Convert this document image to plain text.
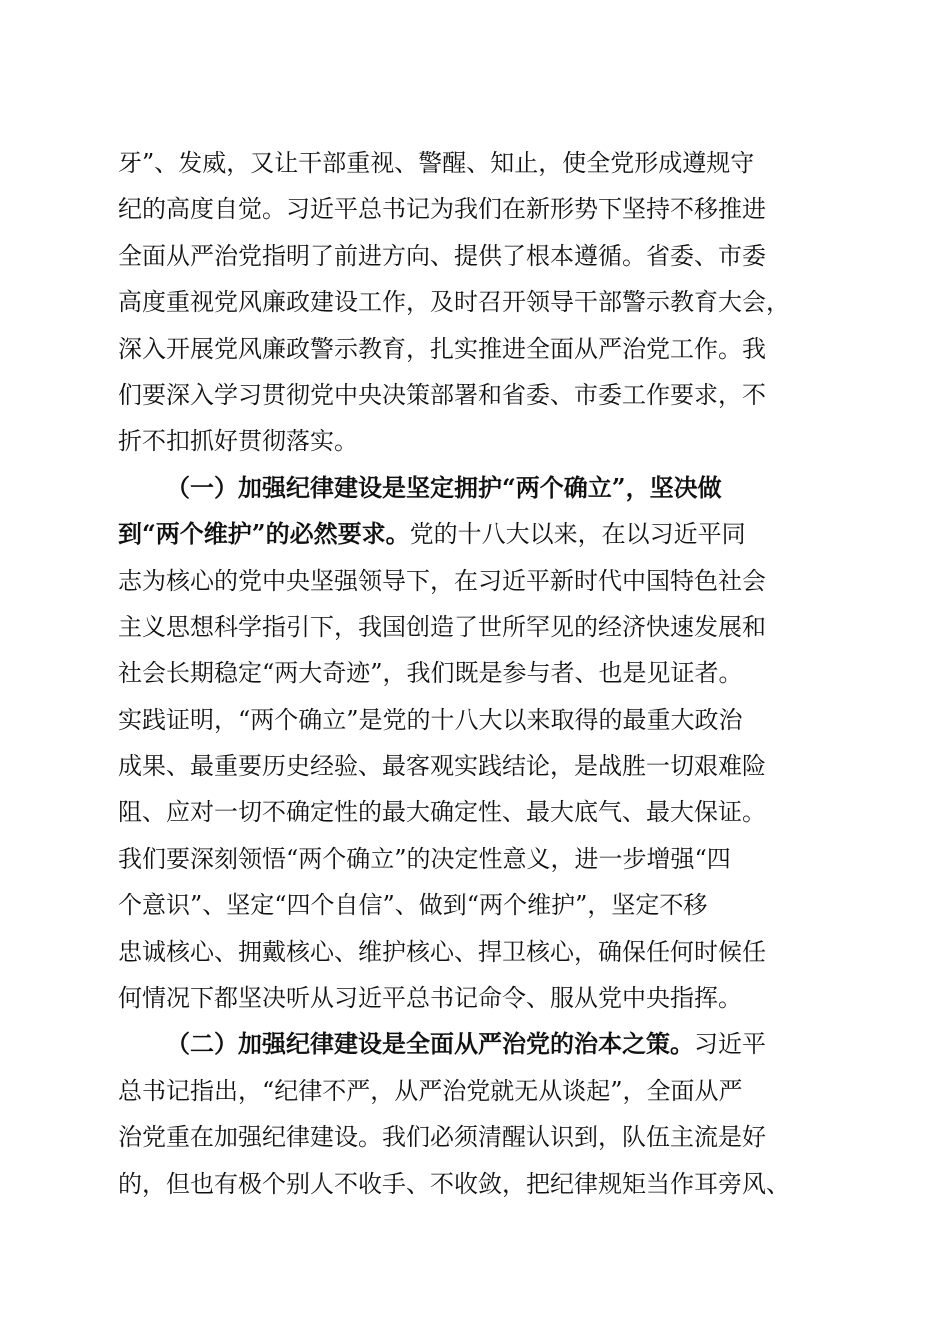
牙”、发威，又让干部重视、警醒、知止，使全党形成遵规守
纪的高度自觉。习近平总书记为我们在新形势下坚持不移推进
全面从严治党指明了前进方向、提供了根本遵循。省委、市委
高度重视党风廉政建设工作，及时召开领导干部警示教育大会，
深入开展党风廉政警示教育，扎实推进全面从严治党工作。我
们要深入学习贯彻党中央决策部署和省委、市委工作要求，不
折不扣抓好贯彻落实。
（一）加强纪律建设是坚定拥护“两个确立”，坚决做
到“两个维护”的必然要求。党的十八大以来，在以习近平同
志为核心的党中央坚强领导下，在习近平新时代中国特色社会
主义思想科学指引下，我国创造了世所罕见的经济快速发展和
社会长期稳定“两大奇迹”，我们既是参与者、也是见证者。
实践证明，“两个确立”是党的十八大以来取得的最重大政治
成果、最重要历史经验、最客观实践结论，是战胜一切艰难险
阻、应对一切不确定性的最大确定性、最大底气、最大保证。
我们要深刻领悟“两个确立”的决定性意义，进一步增强“四
个意识”、坚定“四个自信”、做到“两个维护”，坚定不移
忠诚核心、拥戴核心、维护核心、捍卫核心，确保任何时候任
何情况下都坚决听从习近平总书记命令、服从党中央指挥。
（二）加强纪律建设是全面从严治党的治本之策。习近平
总书记指出，“纪律不严，从严治党就无从谈起”，全面从严
治党重在加强纪律建设。我们必须清醒认识到，队伍主流是好
的，但也有极个别人不收手、不收敛，把纪律规矩当作耳旁风、
